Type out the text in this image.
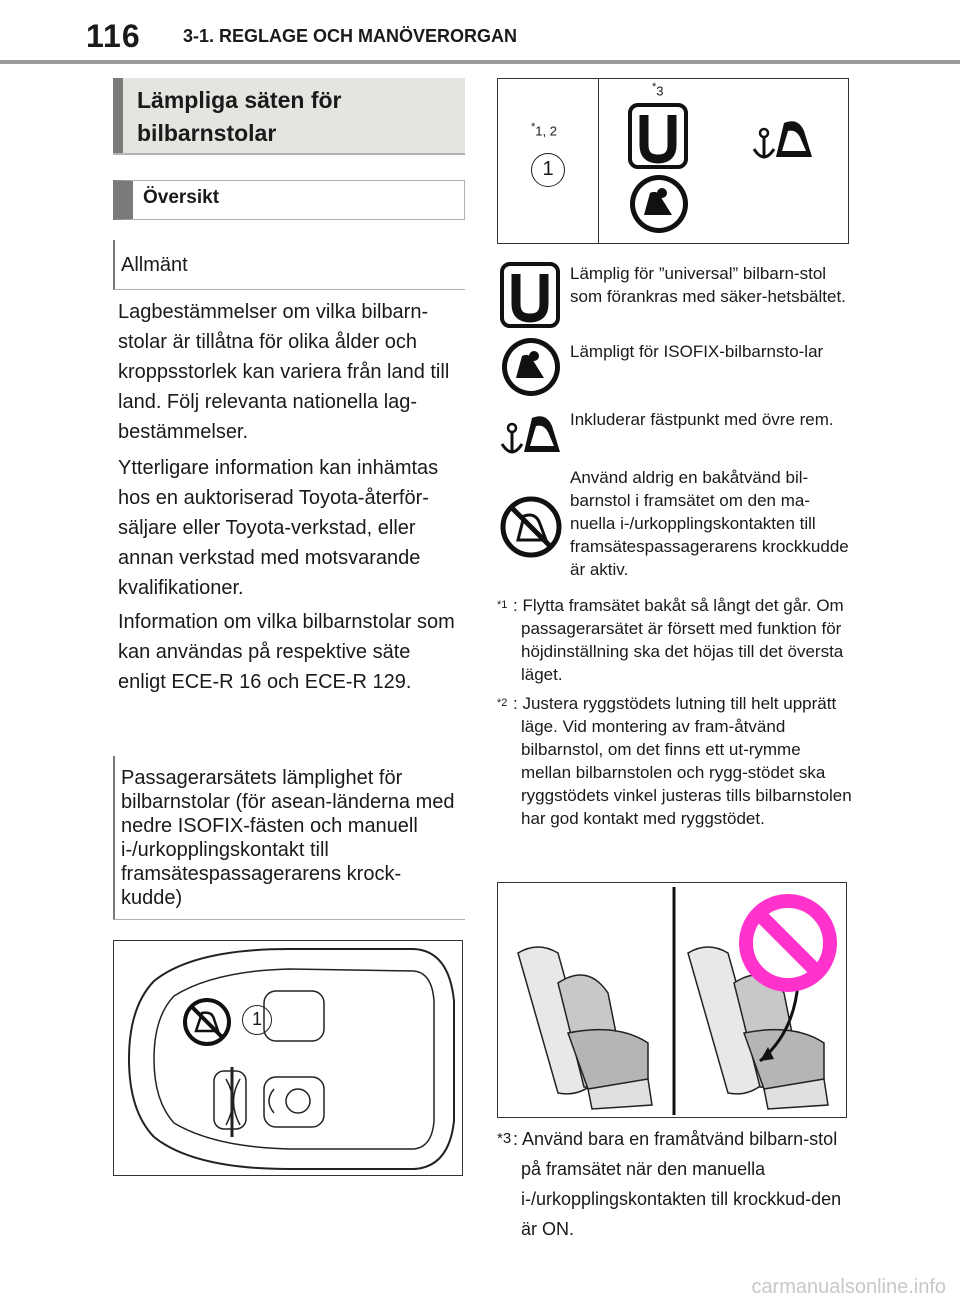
116 3-1. REGLAGE OCH MANÖVERORGAN
Lämpliga säten för bilbarnstolar
Översikt
Allmänt
Lagbestämmelser om vilka bilbarn-stolar är tillåtna för olika ålder och kroppsstorlek kan variera från land till land. Följ relevanta nationella lag-bestämmelser.
Ytterligare information kan inhämtas hos en auktoriserad Toyota-återför-säljare eller Toyota-verkstad, eller annan verkstad med motsvarande kvalifikationer.
Information om vilka bilbarnstolar som kan användas på respektive säte enligt ECE-R 16 och ECE-R 129.
Passagerarsätets lämplighet för bilbarnstolar (för asean-länderna med nedre ISOFIX-fästen och manuell i-/urkopplingskontakt till framsätespassagerarens krock-kudde)
1
*1, 2
1
*3
Lämplig för ”universal” bilbarn-stol som förankras med säker-hetsbältet.
Lämpligt för ISOFIX-bilbarnsto-lar
Inkluderar fästpunkt med övre rem.
Använd aldrig en bakåtvänd bil-barnstol i framsätet om den ma-nuella i-/urkopplingskontakten till framsätespassagerarens krockkudde är aktiv.
$^{*1}$ : Flytta framsätet bakåt så långt det går. Om passagerarsätet är försett med funktion för höjdinställning ska det höjas till det översta läget.
$^{*2}$ : Justera ryggstödets lutning till helt upprätt läge. Vid montering av fram-åtvänd bilbarnstol, om det finns ett ut-rymme mellan bilbarnstolen och rygg-stödet ska ryggstödets vinkel justeras tills bilbarnstolen har god kontakt med ryggstödet.
$^{*3}$ : Använd bara en framåtvänd bilbarn-stol på framsätet när den manuella i-/urkopplingskontakten till krockkud-den är ON.
carmanualsonline.info
